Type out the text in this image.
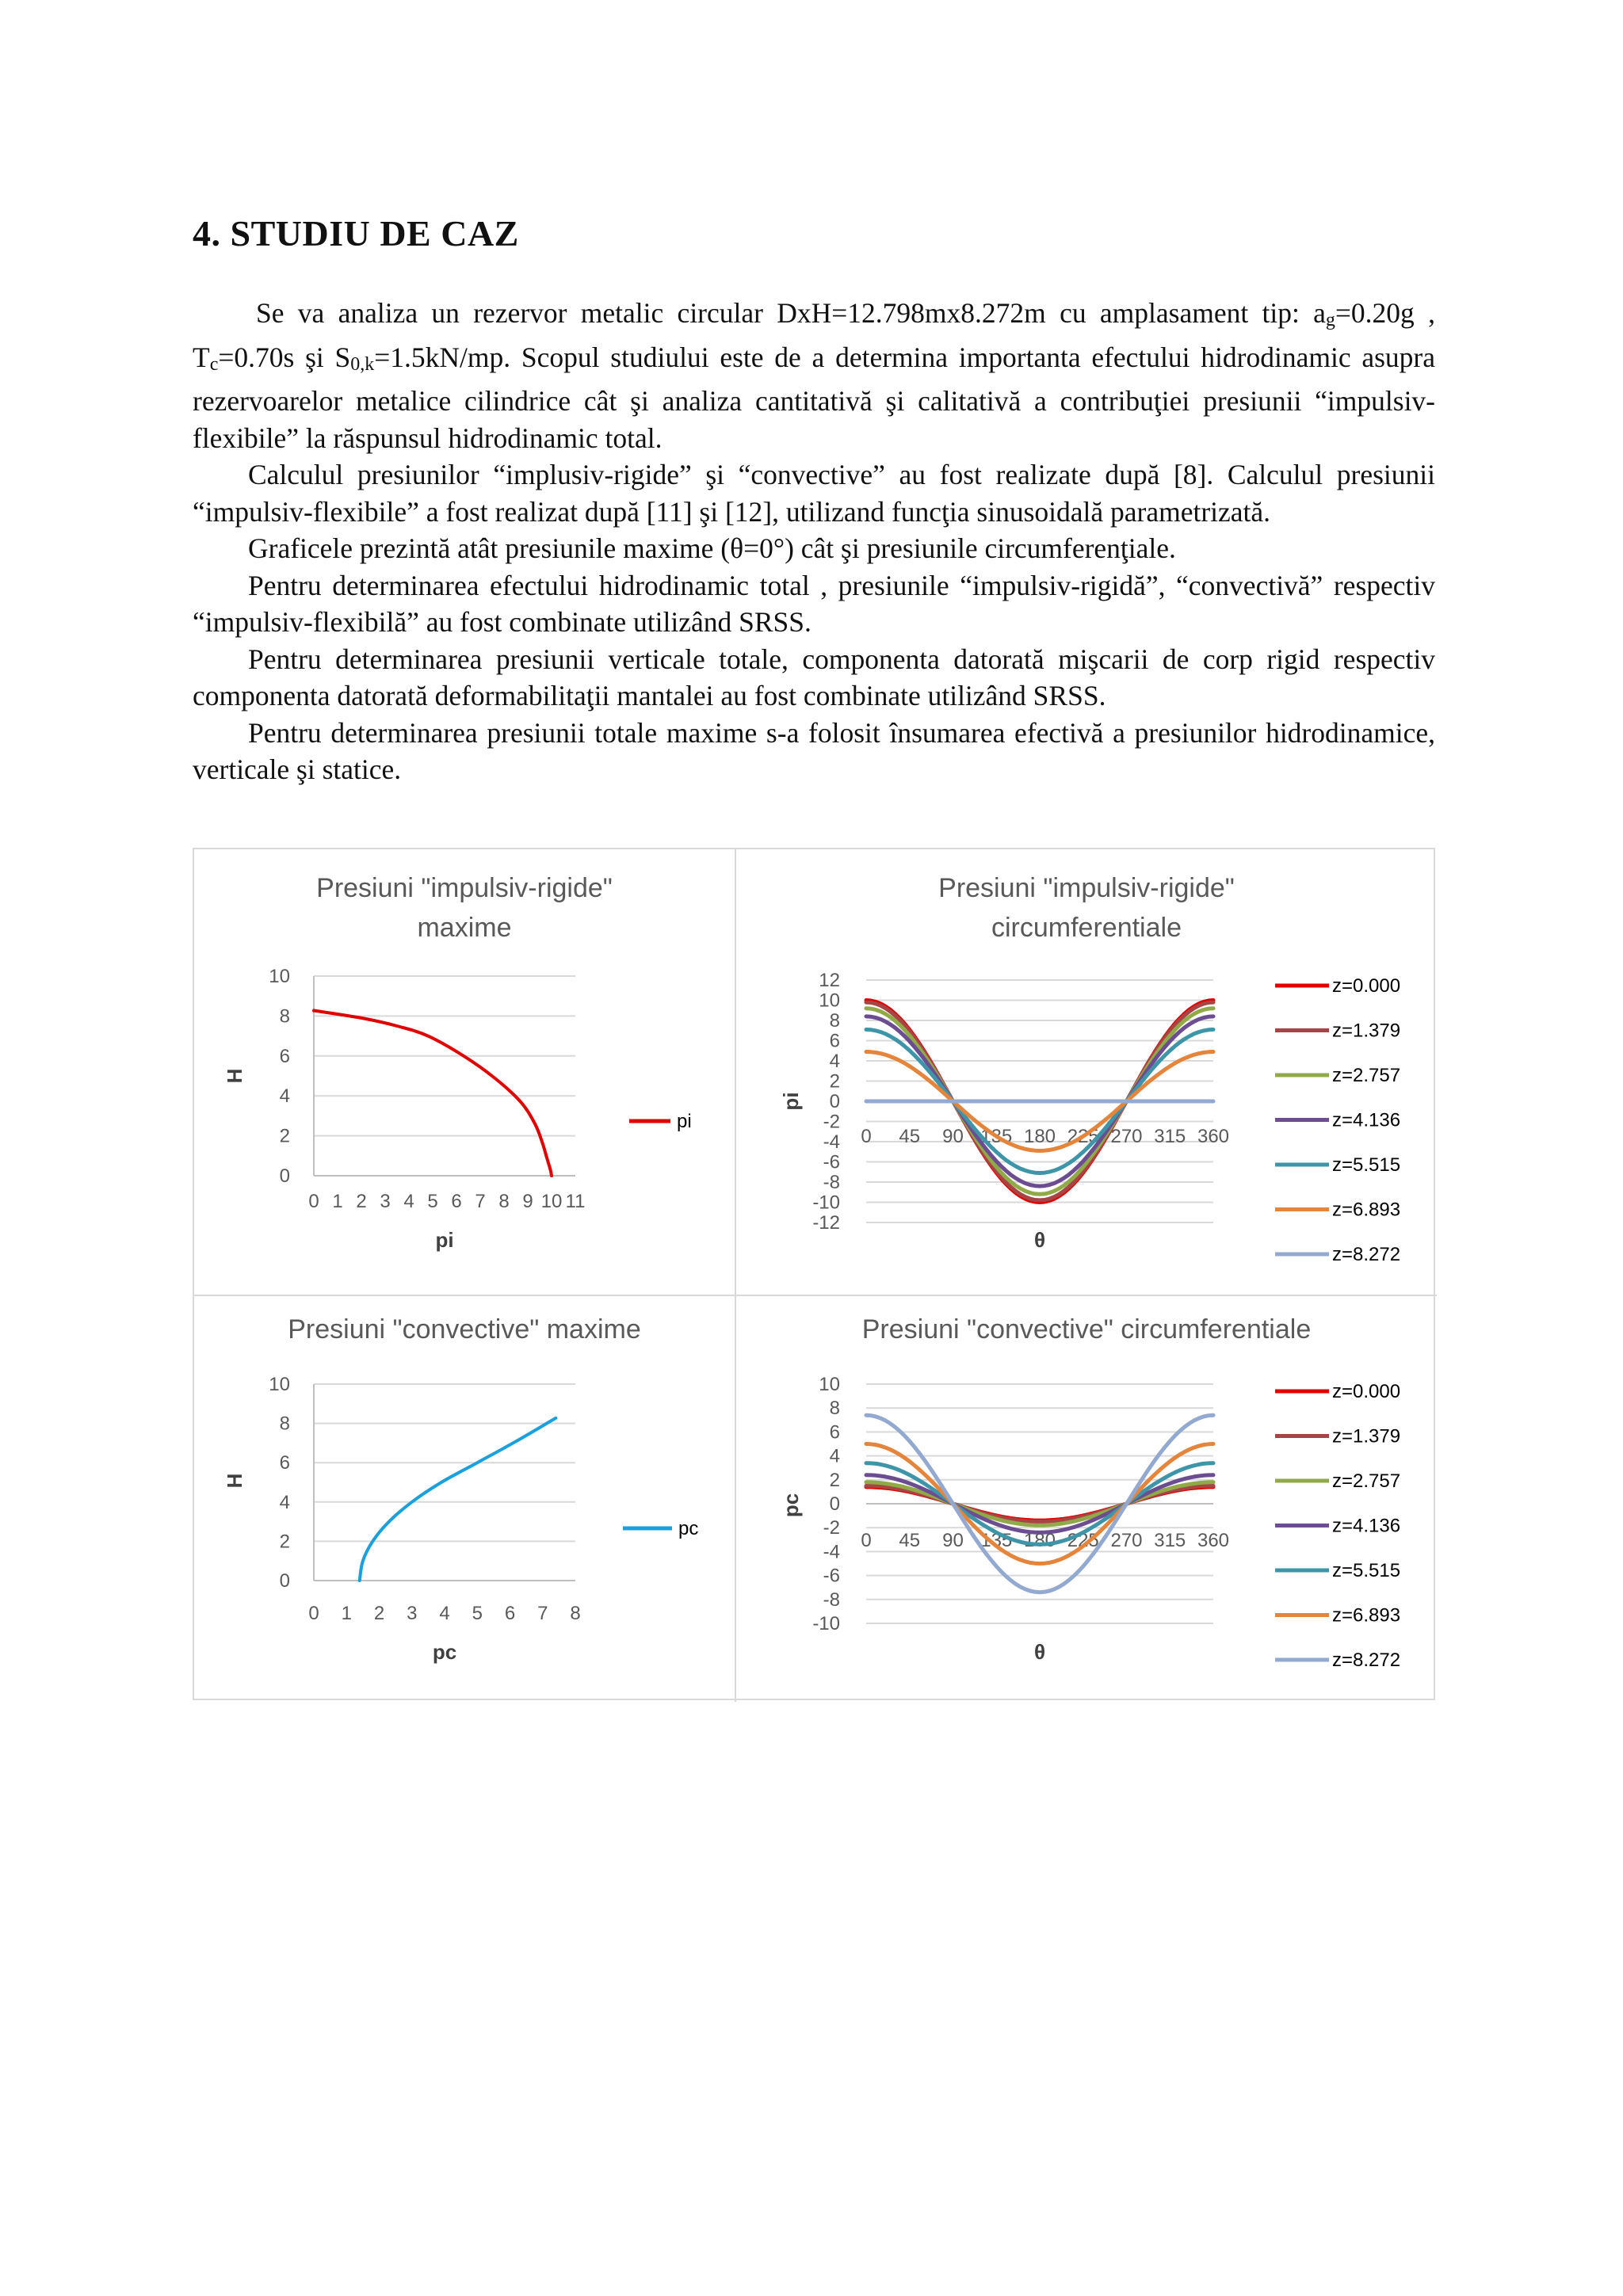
4. STUDIU DE CAZ

Se va analiza un rezervor metalic circular DxH=12.798mx8.272m cu amplasament tip: $a_g=0.20g$ , $T_c=0.70s$ şi $S_{0,k}=1.5kN/mp$. Scopul studiului este de a determina importanta efectului hidrodinamic asupra rezervoarelor metalice cilindrice cât şi analiza cantitativă şi calitativă a contribuţiei presiunii “impulsiv-flexibile” la răspunsul hidrodinamic total.

Calculul presiunilor “implusiv-rigide” şi “convective” au fost realizate după [8]. Calculul presiunii “impulsiv-flexibile” a fost realizat după [11] şi [12], utilizand funcţia sinusoidală parametrizată.

Graficele prezintă atât presiunile maxime (θ=0°) cât şi presiunile circumferenţiale.

Pentru determinarea efectului hidrodinamic total , presiunile “impulsiv-rigidă”, “convectivă” respectiv “impulsiv-flexibilă” au fost combinate utilizând SRSS.

Pentru determinarea presiunii verticale totale, componenta datorată mişcarii de corp rigid respectiv componenta datorată deformabilitaţii mantalei au fost combinate utilizând SRSS.

Pentru determinarea presiunii totale maxime s-a folosit însumarea efectivă a presiunilor hidrodinamice, verticale şi statice.

Presiuni "impulsiv-rigide"
maxime
0
2
4
6
8
10
0 1 2 3 4 5 6 7 8 9 10 11
pi
H
pi
Presiuni "impulsiv-rigide"
circumferentiale
12
10
8
6
4
2
0
-2
-4
-6
-8
-10
-12
0 45 90 135 180 225 270 315 360
θ
pi
z=0.000
z=1.379
z=2.757
z=4.136
z=5.515
z=6.893
z=8.272
Presiuni "convective" maxime
0
2
4
6
8
10
0 1 2 3 4 5 6 7 8
pc
H
pc
Presiuni "convective" circumferentiale
10
8
6
4
2
0
-2
-4
-6
-8
-10
0 45 90 135 180 225 270 315 360
θ
pc
z=0.000
z=1.379
z=2.757
z=4.136
z=5.515
z=6.893
z=8.272
